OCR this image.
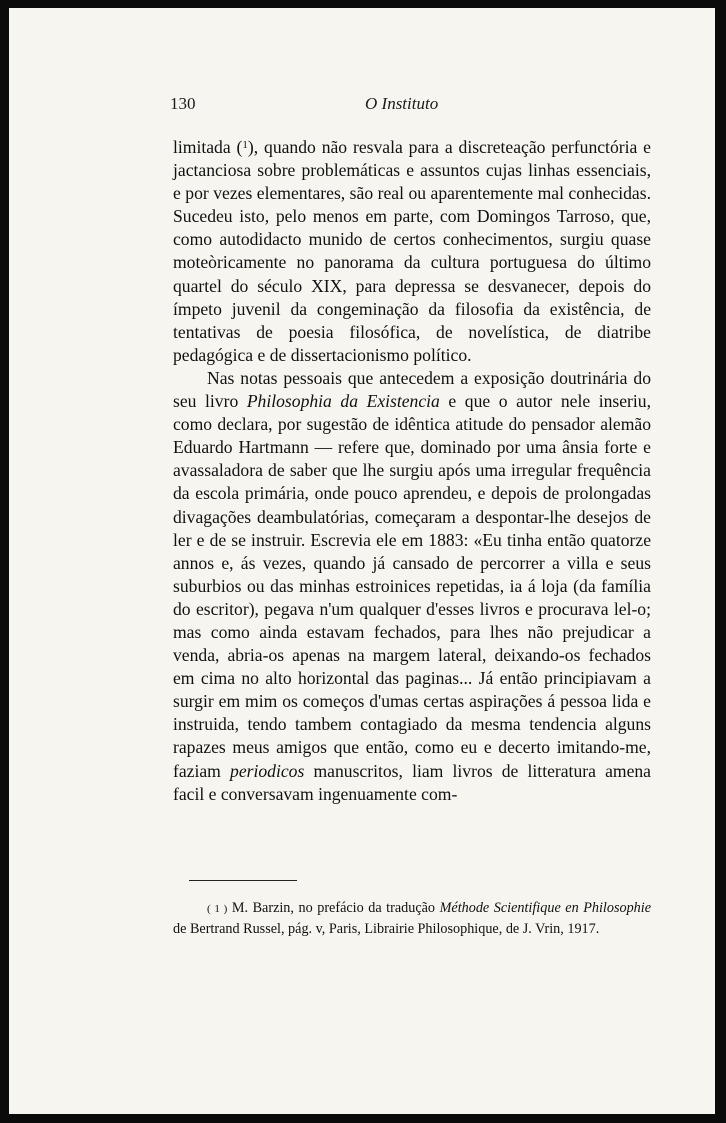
130	O Instituto

limitada ($^1$), quando não resvala para a discreteação perfunctória e jactanciosa sobre problemáticas e assuntos cujas linhas essenciais, e por vezes elementares, são real ou aparentemente mal conhecidas. Sucedeu isto, pelo menos em parte, com Domingos Tarroso, que, como autodidacto munido de certos conhecimentos, surgiu quase moteòricamente no panorama da cultura portuguesa do último quartel do século XIX, para depressa se desvanecer, depois do ímpeto juvenil da congeminação da filosofia da existência, de tentativas de poesia filosófica, de novelística, de diatribe pedagógica e de dissertacionismo político.

Nas notas pessoais que antecedem a exposição doutrinária do seu livro Philosophia da Existencia e que o autor nele inseriu, como declara, por sugestão de idêntica atitude do pensador alemão Eduardo Hartmann — refere que, dominado por uma ânsia forte e avassaladora de saber que lhe surgiu após uma irregular frequência da escola primária, onde pouco aprendeu, e depois de prolongadas divagações deambulatórias, começaram a despontar-lhe desejos de ler e de se instruir. Escrevia ele em 1883: «Eu tinha então quatorze annos e, ás vezes, quando já cansado de percorrer a villa e seus suburbios ou das minhas estroinices repetidas, ia á loja (da família do escritor), pegava n'um qualquer d'esses livros e procurava lel-o; mas como ainda estavam fechados, para lhes não prejudicar a venda, abria-os apenas na margem lateral, deixando-os fechados em cima no alto horizontal das paginas... Já então principiavam a surgir em mim os começos d'umas certas aspirações á pessoa lida e instruida, tendo tambem contagiado da mesma tendencia alguns rapazes meus amigos que então, como eu e decerto imitando-me, faziam periodicos manuscritos, liam livros de litteratura amena facil e conversavam ingenuamente com-

( 1 ) M. Barzin, no prefácio da tradução Méthode Scientifique en Philosophie de Bertrand Russel, pág. v, Paris, Librairie Philosophique, de J. Vrin, 1917.
